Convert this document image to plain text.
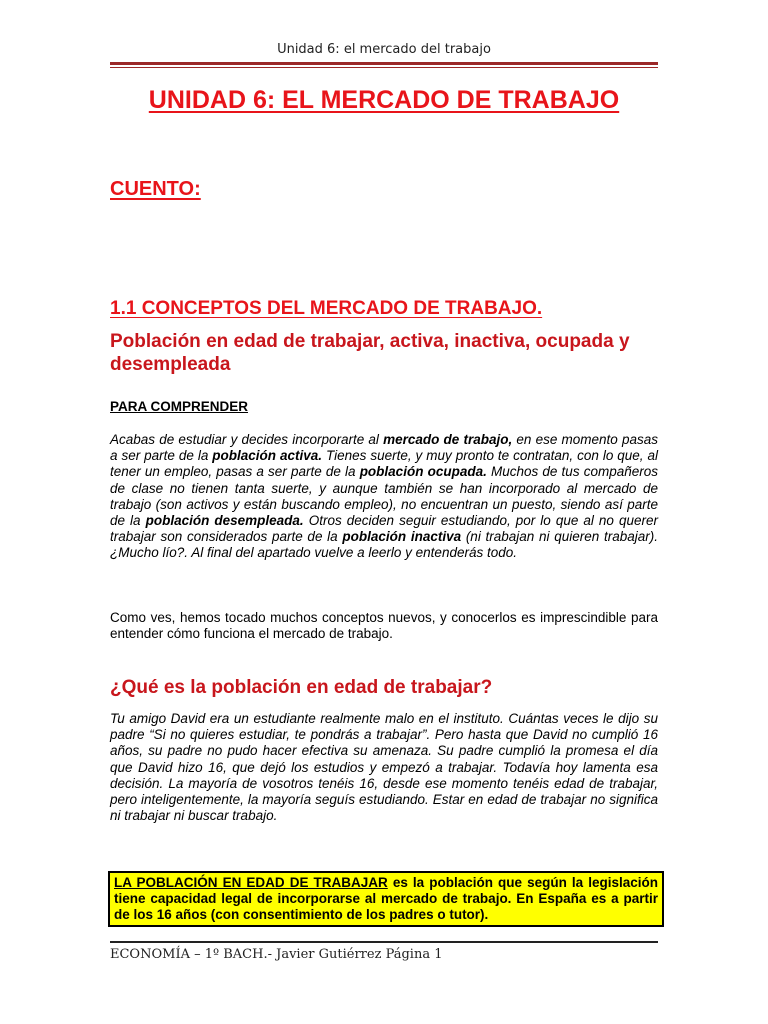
Unidad 6: el mercado del trabajo
UNIDAD 6: EL MERCADO DE TRABAJO
CUENTO:
1.1 CONCEPTOS DEL MERCADO DE TRABAJO.
Población en edad de trabajar, activa, inactiva, ocupada y desempleada
PARA COMPRENDER

Acabas de estudiar y decides incorporarte al mercado de trabajo, en ese momento pasas a ser parte de la población activa. Tienes suerte, y muy pronto te contratan, con lo que, al tener un empleo, pasas a ser parte de la población ocupada. Muchos de tus compañeros de clase no tienen tanta suerte, y aunque también se han incorporado al mercado de trabajo (son activos y están buscando empleo), no encuentran un puesto, siendo así parte de la población desempleada. Otros deciden seguir estudiando, por lo que al no querer trabajar son considerados parte de la población inactiva (ni trabajan ni quieren trabajar). ¿Mucho lío?. Al final del apartado vuelve a leerlo y entenderás todo.

Como ves, hemos tocado muchos conceptos nuevos, y conocerlos es imprescindible para entender cómo funciona el mercado de trabajo.

¿Qué es la población en edad de trabajar?

Tu amigo David era un estudiante realmente malo en el instituto. Cuántas veces le dijo su padre “Si no quieres estudiar, te pondrás a trabajar”. Pero hasta que David no cumplió 16 años, su padre no pudo hacer efectiva su amenaza. Su padre cumplió la promesa el día que David hizo 16, que dejó los estudios y empezó a trabajar. Todavía hoy lamenta esa decisión. La mayoría de vosotros tenéis 16, desde ese momento tenéis edad de trabajar, pero inteligentemente, la mayoría seguís estudiando. Estar en edad de trabajar no significa ni trabajar ni buscar trabajo.

LA POBLACIÓN EN EDAD DE TRABAJAR es la población que según la legislación tiene capacidad legal de incorporarse al mercado de trabajo. En España es a partir de los 16 años (con consentimiento de los padres o tutor).
ECONOMÍA – 1º BACH.- Javier Gutiérrez Página 1
